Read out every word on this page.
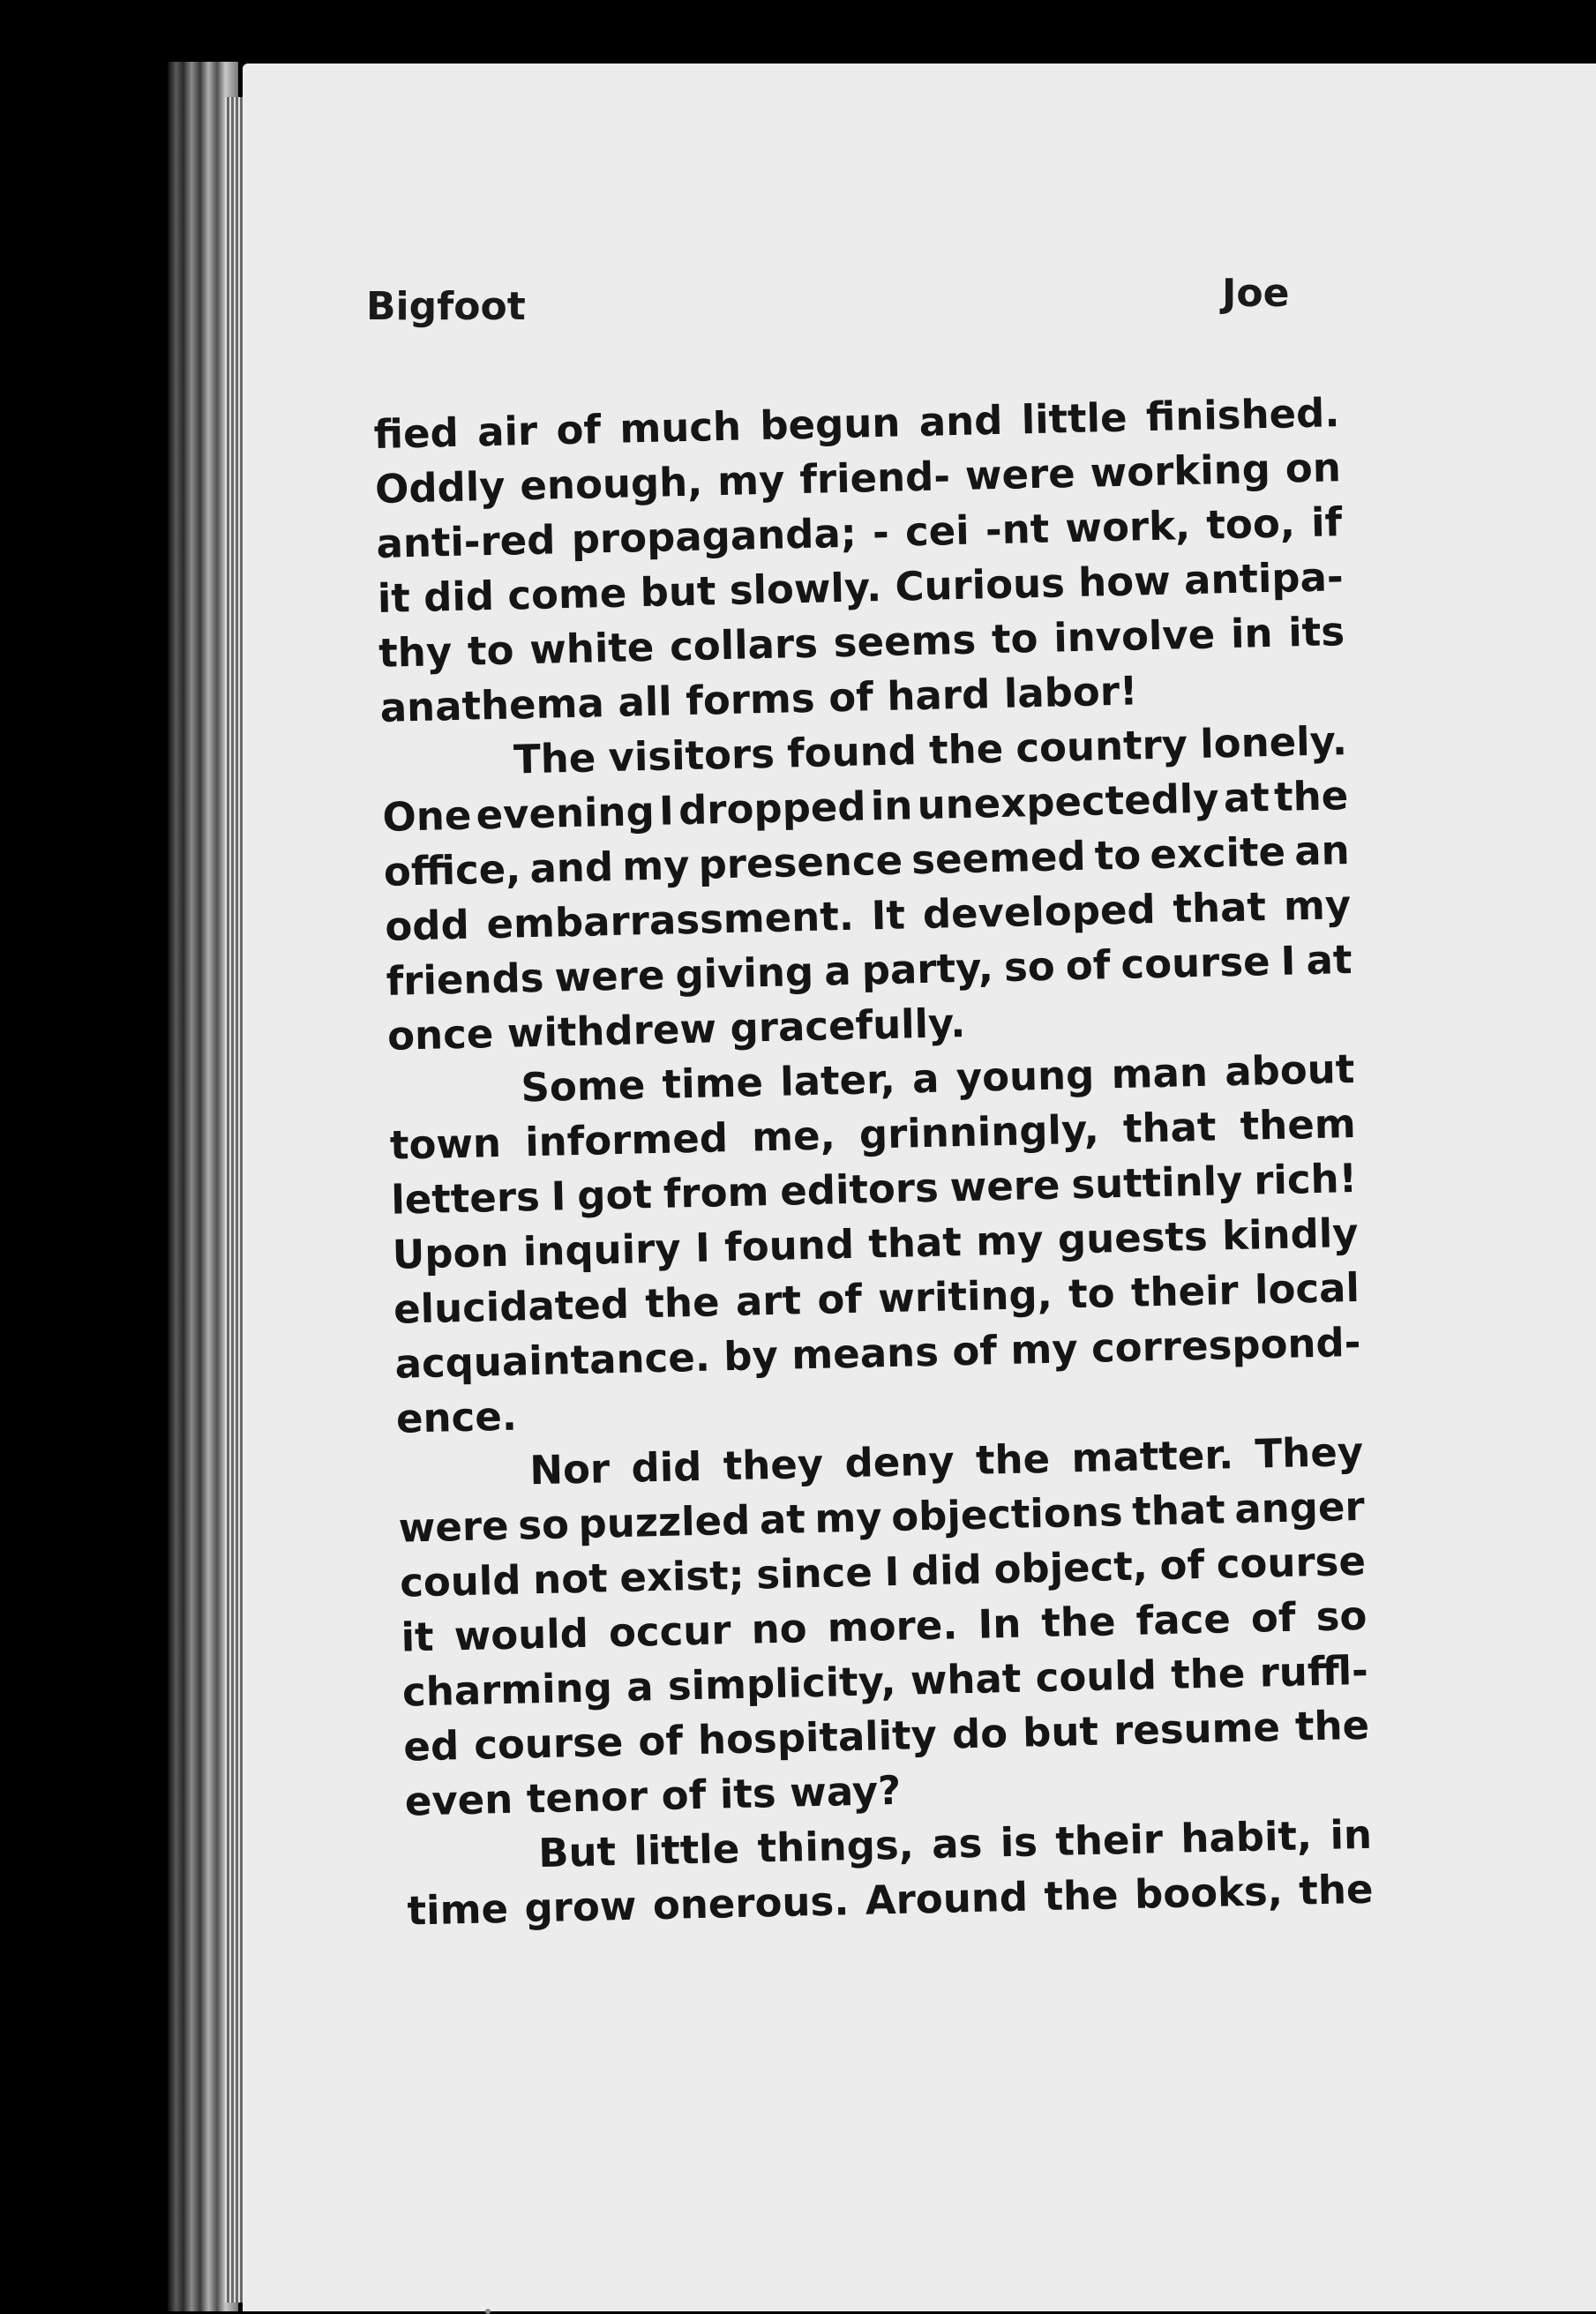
Bigfoot	Joe
fied air of much begun and little finished.
Oddly enough, my friend- were working on
anti-red propaganda; - cei -nt work, too, if
it did come but slowly. Curious how antipa-
thy to white collars seems to involve in its
anathema all forms of hard labor!
The visitors found the country lonely.
One evening I dropped in unexpectedly at the
office, and my presence seemed to excite an
odd embarrassment. It developed that my
friends were giving a party, so of course I at
once withdrew gracefully.
Some time later, a young man about
town informed me, grinningly, that them
letters I got from editors were suttinly rich!
Upon inquiry I found that my guests kindly
elucidated the art of writing, to their local
acquaintance. by means of my correspond-
ence.
Nor did they deny the matter. They
were so puzzled at my objections that anger
could not exist; since I did object, of course
it would occur no more. In the face of so
charming a simplicity, what could the ruffl-
ed course of hospitality do but resume the
even tenor of its way?
But little things, as is their habit, in
time grow onerous. Around the books, the
